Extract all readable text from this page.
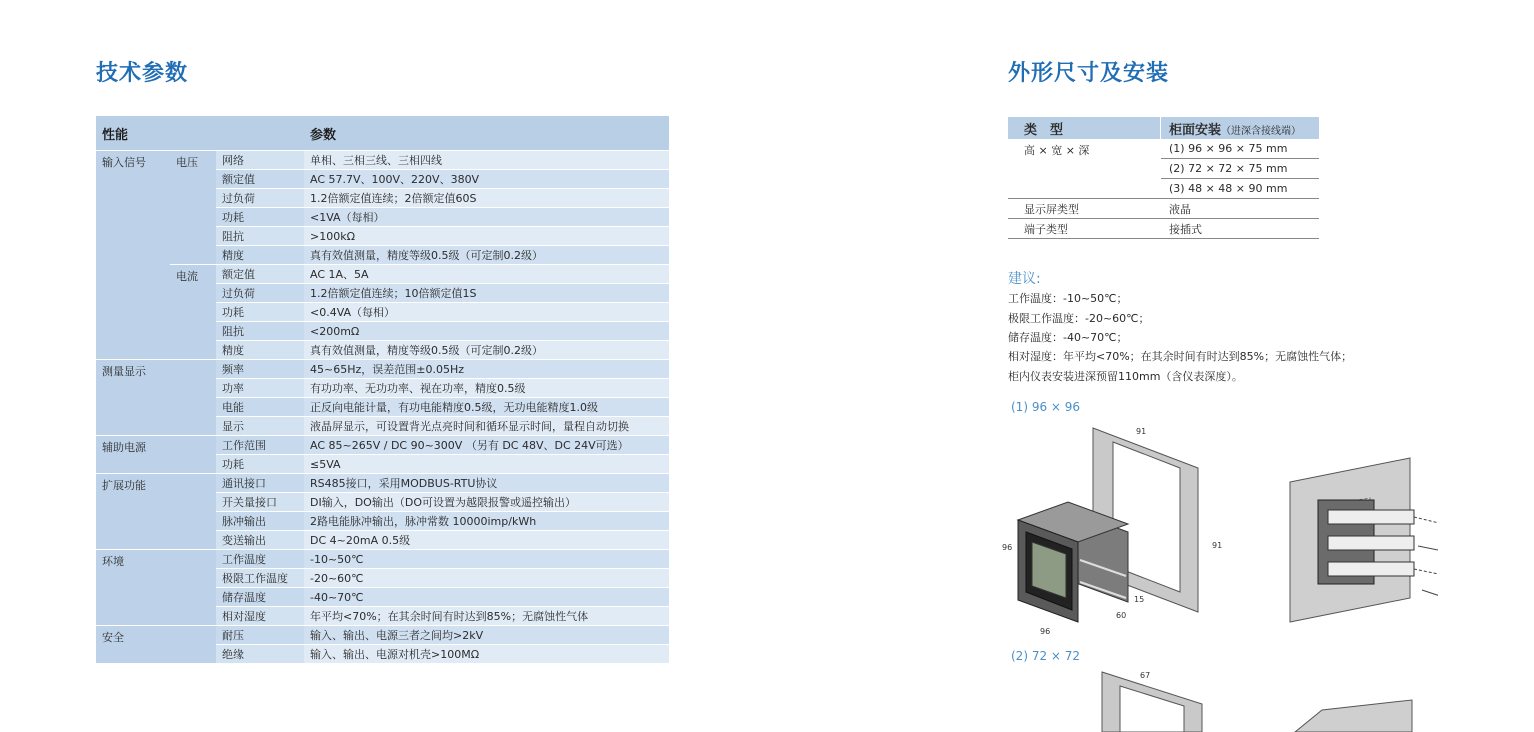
技术参数
性能			参数
输入信号	电压	网络	单相、三相三线、三相四线
		额定值	AC 57.7V、100V、220V、380V
		过负荷	1.2倍额定值连续；2倍额定值60S
		功耗	<1VA（每相）
		阻抗	>100kΩ
		精度	真有效值测量，精度等级0.5级（可定制0.2级）
	电流	额定值	AC 1A、5A
		过负荷	1.2倍额定值连续；10倍额定值1S
		功耗	<0.4VA（每相）
		阻抗	<200mΩ
		精度	真有效值测量，精度等级0.5级（可定制0.2级）
测量显示		频率	45~65Hz，误差范围±0.05Hz
		功率	有功功率、无功功率、视在功率，精度0.5级
		电能	正反向电能计量，有功电能精度0.5级，无功电能精度1.0级
		显示	液晶屏显示，可设置背光点亮时间和循环显示时间，量程自动切换
辅助电源		工作范围	AC 85~265V / DC 90~300V （另有 DC 48V、DC 24V可选）
		功耗	≤5VA
扩展功能		通讯接口	RS485接口，采用MODBUS-RTU协议
		开关量接口	DI输入，DO输出（DO可设置为越限报警或遥控输出）
		脉冲输出	2路电能脉冲输出，脉冲常数 10000imp/kWh
		变送输出	DC 4~20mA 0.5级
环境		工作温度	-10~50℃
		极限工作温度	-20~60℃
		储存温度	-40~70℃
		相对湿度	年平均<70%；在其余时间有时达到85%；无腐蚀性气体
安全		耐压	输入、输出、电源三者之间均>2kV
		绝缘	输入、输出、电源对机壳>100MΩ
外形尺寸及安装
类　型	柜面安装（进深含接线端）
高 × 宽 × 深	(1) 96 × 96 × 75 mm
	(2) 72 × 72 × 75 mm
	(3) 48 × 48 × 90 mm
显示屏类型	液晶
端子类型	接插式
建议:
工作温度：-10~50℃；
极限工作温度：-20~60℃；
储存温度：-40~70℃；
相对湿度：年平均<70%；在其余时间有时达到85%；无腐蚀性气体；
柜内仪表安装进深预留110mm（含仪表深度）。
(1) 96 × 96
91
91
96
96
60
15
(2) 72 × 72
67
